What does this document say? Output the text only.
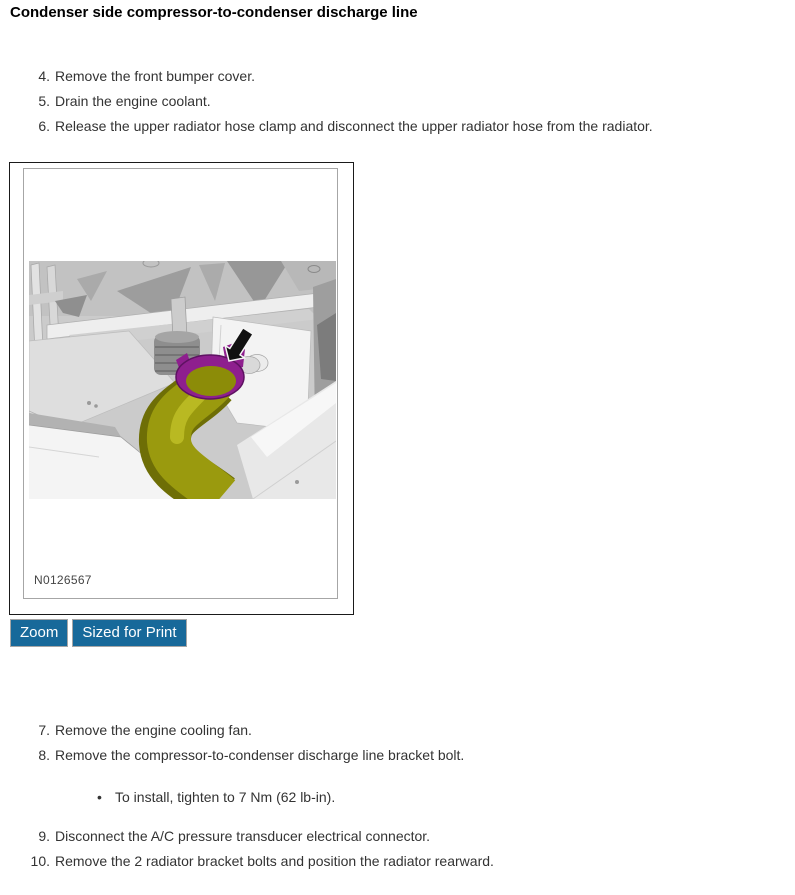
Condenser side compressor-to-condenser discharge line
4. Remove the front bumper cover.
5. Drain the engine coolant.
6. Release the upper radiator hose clamp and disconnect the upper radiator hose from the radiator.
N0126567
Zoom	Sized for Print
7. Remove the engine cooling fan.
8. Remove the compressor-to-condenser discharge line bracket bolt.
• To install, tighten to 7 Nm (62 lb-in).
9. Disconnect the A/C pressure transducer electrical connector.
10. Remove the 2 radiator bracket bolts and position the radiator rearward.
